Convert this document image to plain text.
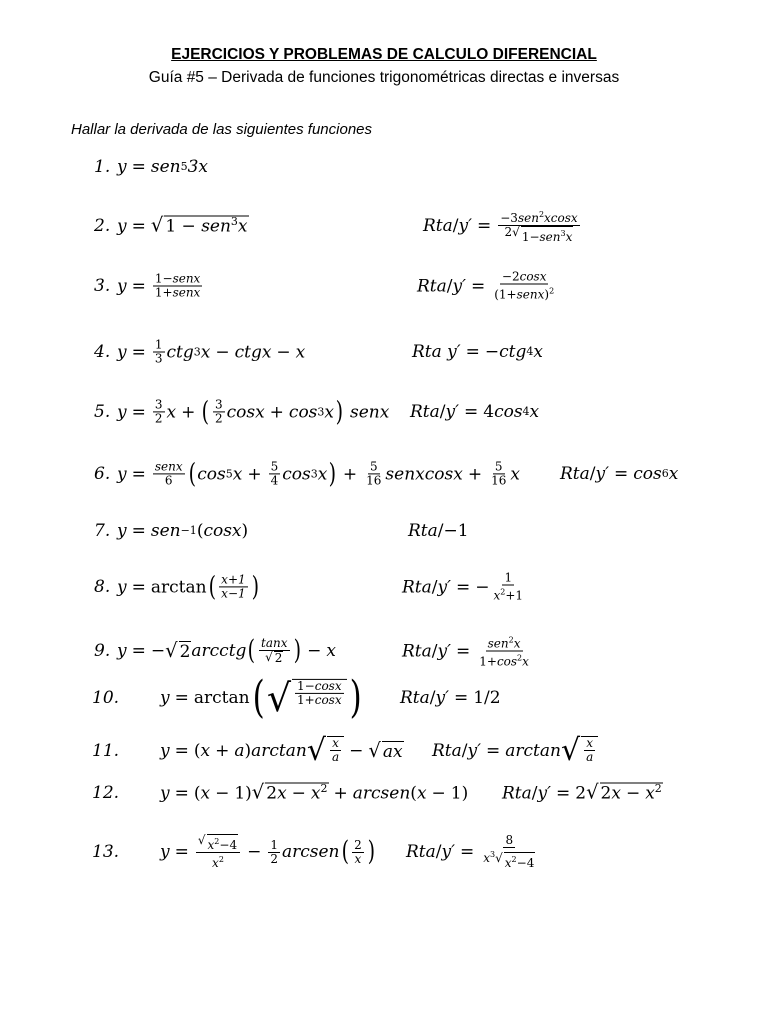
EJERCICIOS Y PROBLEMAS DE CALCULO DIFERENCIAL
Guía #5 – Derivada de funciones trigonométricas directas e inversas
Hallar la derivada de las siguientes funciones
1. y = sen 5 3x
2. y = √ 1 − sen$^3$x	Rta / $y' = \frac{-3sen^2xcosx}{2 √ 1-sen^3x}$
3. $y = \frac{\text{1−senx}}{\text{1+senx}}$	Rta / $y' = \frac{-2\cos x}{(1+senx)^2}$
4. $y = \frac{1}{3}$ ctg 3 x − ctgx − x	Rta y′ = − ctg 4 x
5. $y = \frac{3}{2}$ x + ( $\frac{3}{2}$ cosx + cos 3 x ) senx Rta / y′ = 4 cos 4 x
6. $y = \frac{\text{senx}}{6}$ ( cos 5 $x + \frac{5}{4}$ cos 3 x ) + $\frac{5}{16}$ senxcosx + $\frac{5}{16}$ x Rta / y′ = cos 6 x
7. y = sen −1 ( cosx )	Rta /−1
8. y = arctan ( $\frac{x+1}{x-1}$ )	Rta / y′ = − $\frac{1}{x^2+1}$
9. y = − √ 2 arcctg ( $\frac{\tan x}{√ 2}$ ) − x	Rta / $y' = \frac{sen^2x}{1+\cos^2x}$
10. y = arctan ( √ $\frac{1-\cos x}{1+\cos x}$ ) Rta / y′ = 1/2
11. y = ( x + a ) arctan √ $\frac{x}{a}$ − √ ax Rta / y′ = arctan √ $\frac{x}{a}$
12. y = ( x − 1) √ $2x - x^2$ + arcsen ( x − 1) Rta / y′ = 2 √ $2x - x^2$
13. $y = \frac{√ x^2-4}{x^2} - \frac{1}{2}$ arcsen ( $\frac{2}{x}$ ) Rta / $y' = \frac{8}{x^3 √ x^2-4}$
